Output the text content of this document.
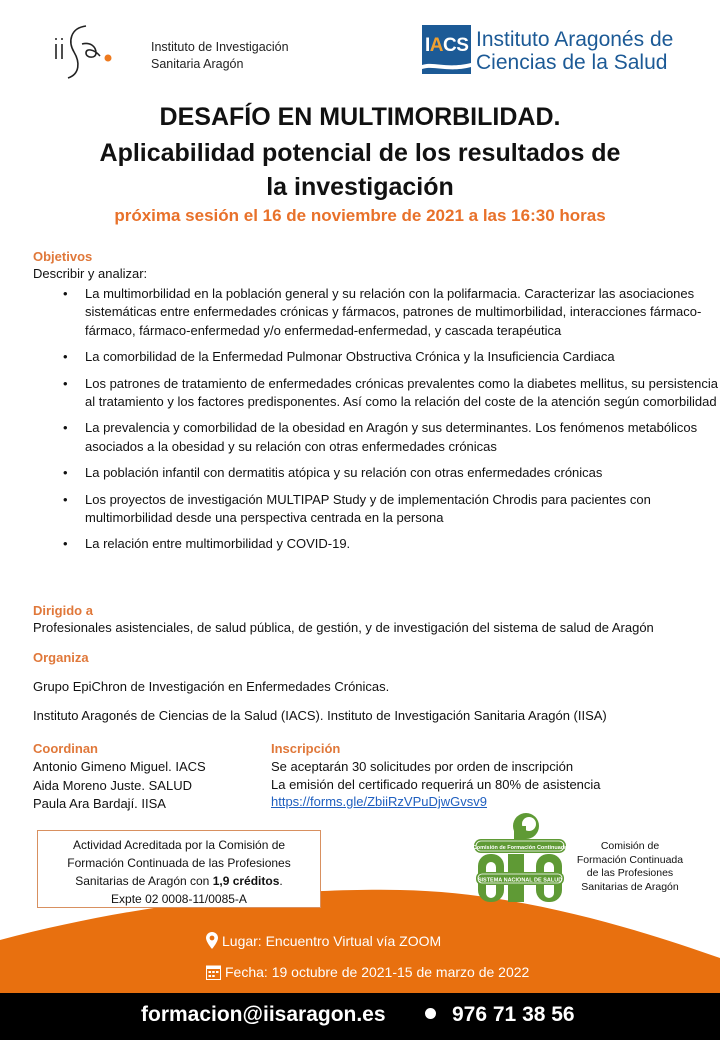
Instituto de Investigación
Sanitaria Aragón
IACS Instituto Aragonés de
Ciencias de la Salud
DESAFÍO EN MULTIMORBILIDAD.
Aplicabilidad potencial de los resultados de
la investigación
próxima sesión el 16 de noviembre de 2021 a las 16:30 horas
Objetivos
Describir y analizar:
• La multimorbilidad en la población general y su relación con la polifarmacia. Caracterizar las asociaciones sistemáticas entre enfermedades crónicas y fármacos, patrones de multimorbilidad, interacciones fármaco-fármaco, fármaco-enfermedad y/o enfermedad-enfermedad, y cascada terapéutica
• La comorbilidad de la Enfermedad Pulmonar Obstructiva Crónica y la Insuficiencia Cardiaca
• Los patrones de tratamiento de enfermedades crónicas prevalentes como la diabetes mellitus, su persistencia al tratamiento y los factores predisponentes. Así como la relación del coste de la atención según comorbilidad
• La prevalencia y comorbilidad de la obesidad en Aragón y sus determinantes. Los fenómenos metabólicos asociados a la obesidad y su relación con otras enfermedades crónicas
• La población infantil con dermatitis atópica y su relación con otras enfermedades crónicas
• Los proyectos de investigación MULTIPAP Study y de implementación Chrodis para pacientes con multimorbilidad desde una perspectiva centrada en la persona
• La relación entre multimorbilidad y COVID-19.
Dirigido a
Profesionales asistenciales, de salud pública, de gestión, y de investigación del sistema de salud de Aragón
Organiza
Grupo EpiChron de Investigación en Enfermedades Crónicas.
Instituto Aragonés de Ciencias de la Salud (IACS). Instituto de Investigación Sanitaria Aragón (IISA)
Coordinan
Antonio Gimeno Miguel. IACS
Aida Moreno Juste. SALUD
Paula Ara Bardají. IISA
Inscripción
Se aceptarán 30 solicitudes por orden de inscripción
La emisión del certificado requerirá un 80% de asistencia
https://forms.gle/ZbiiRzVPuDjwGvsv9
Actividad Acreditada por la Comisión de
Formación Continuada de las Profesiones
Sanitarias de Aragón con 1,9 créditos.
Expte 02 0008-11/0085-A
Comisión de Formación Continuada
SISTEMA NACIONAL DE SALUD
Comisión de
Formación Continuada
de las Profesiones
Sanitarias de Aragón
Lugar: Encuentro Virtual vía ZOOM
Fecha: 19 octubre de 2021-15 de marzo de 2022
formacion@iisaragon.es	976 71 38 56
